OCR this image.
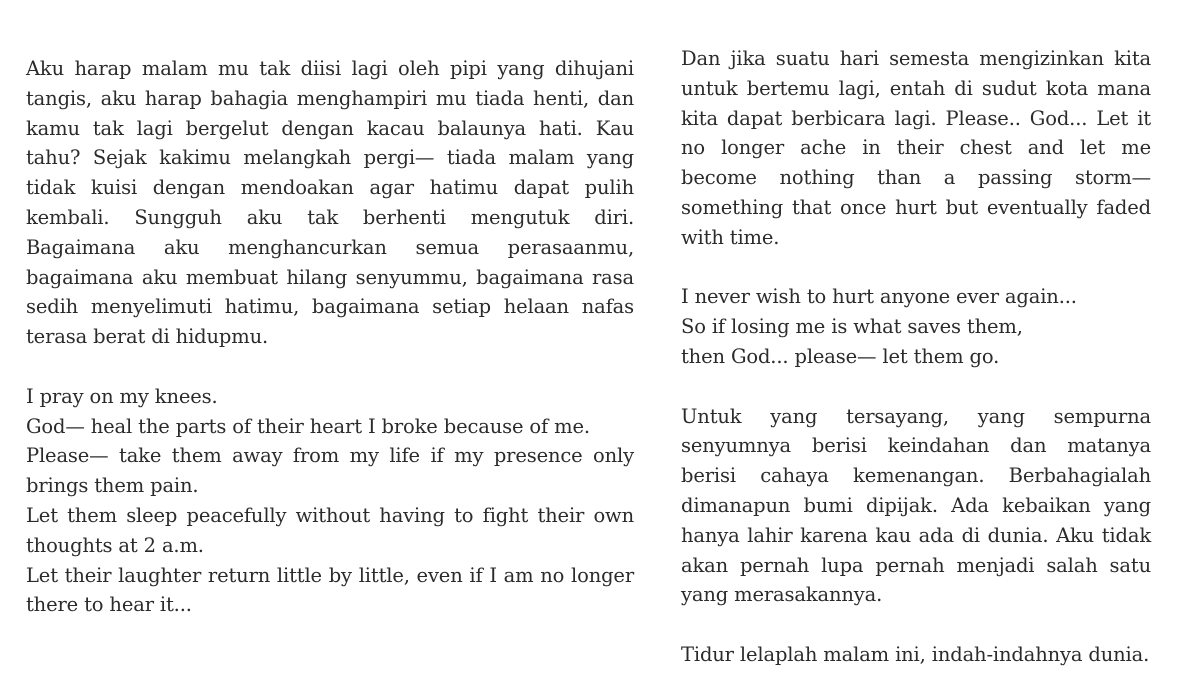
Aku harap malam mu tak diisi lagi oleh pipi yang dihujani tangis, aku harap bahagia menghampiri mu tiada henti, dan kamu tak lagi bergelut dengan kacau balaunya hati. Kau tahu? Sejak kakimu melangkah pergi— tiada malam yang tidak kuisi dengan mendoakan agar hatimu dapat pulih kembali. Sungguh aku tak berhenti mengutuk diri. Bagaimana aku menghancurkan semua perasaanmu, bagaimana aku membuat hilang senyummu, bagaimana rasa sedih menyelimuti hatimu, bagaimana setiap helaan nafas terasa berat di hidupmu.

I pray on my knees.

God— heal the parts of their heart I broke because of me.

Please— take them away from my life if my presence only brings them pain.

Let them sleep peacefully without having to fight their own thoughts at 2 a.m.

Let their laughter return little by little, even if I am no longer there to hear it...

Dan jika suatu hari semesta mengizinkan kita untuk bertemu lagi, entah di sudut kota mana kita dapat berbicara lagi. Please.. God... Let it no longer ache in their chest and let me become nothing than a passing storm— something that once hurt but eventually faded with time.

I never wish to hurt anyone ever again...
So if losing me is what saves them,
then God... please— let them go.

Untuk yang tersayang, yang sempurna senyumnya berisi keindahan dan matanya berisi cahaya kemenangan. Berbahagialah dimanapun bumi dipijak. Ada kebaikan yang hanya lahir karena kau ada di dunia. Aku tidak akan pernah lupa pernah menjadi salah satu yang merasakannya.

Tidur lelaplah malam ini, indah-indahnya dunia.
